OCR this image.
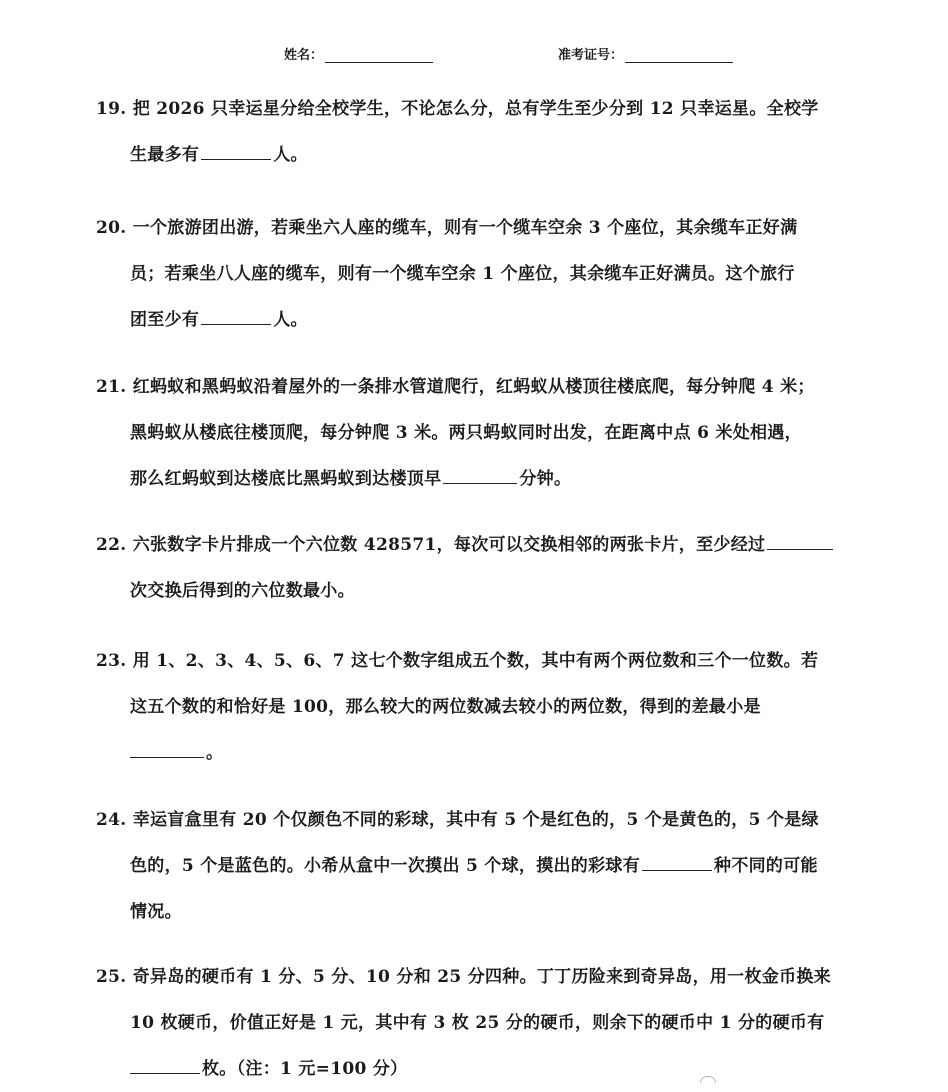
姓名：	准考证号：
19. 把 2026 只幸运星分给全校学生，不论怎么分，总有学生至少分到 12 只幸运星。全校学
生最多有	人。
20. 一个旅游团出游，若乘坐六人座的缆车，则有一个缆车空余 3 个座位，其余缆车正好满
员；若乘坐八人座的缆车，则有一个缆车空余 1 个座位，其余缆车正好满员。这个旅行
团至少有	人。
21. 红蚂蚁和黑蚂蚁沿着屋外的一条排水管道爬行，红蚂蚁从楼顶往楼底爬，每分钟爬 4 米；
黑蚂蚁从楼底往楼顶爬，每分钟爬 3 米。两只蚂蚁同时出发，在距离中点 6 米处相遇，
那么红蚂蚁到达楼底比黑蚂蚁到达楼顶早	分钟。
22. 六张数字卡片排成一个六位数 428571，每次可以交换相邻的两张卡片，至少经过
次交换后得到的六位数最小。
23. 用 1、2、3、4、5、6、7 这七个数字组成五个数，其中有两个两位数和三个一位数。若
这五个数的和恰好是 100，那么较大的两位数减去较小的两位数，得到的差最小是
。
24. 幸运盲盒里有 20 个仅颜色不同的彩球，其中有 5 个是红色的，5 个是黄色的，5 个是绿
色的，5 个是蓝色的。小希从盒中一次摸出 5 个球，摸出的彩球有	种不同的可能
情况。
25. 奇异岛的硬币有 1 分、5 分、10 分和 25 分四种。丁丁历险来到奇异岛，用一枚金币换来
10 枚硬币，价值正好是 1 元，其中有 3 枚 25 分的硬币，则余下的硬币中 1 分的硬币有
枚。（注：1 元=100 分）
